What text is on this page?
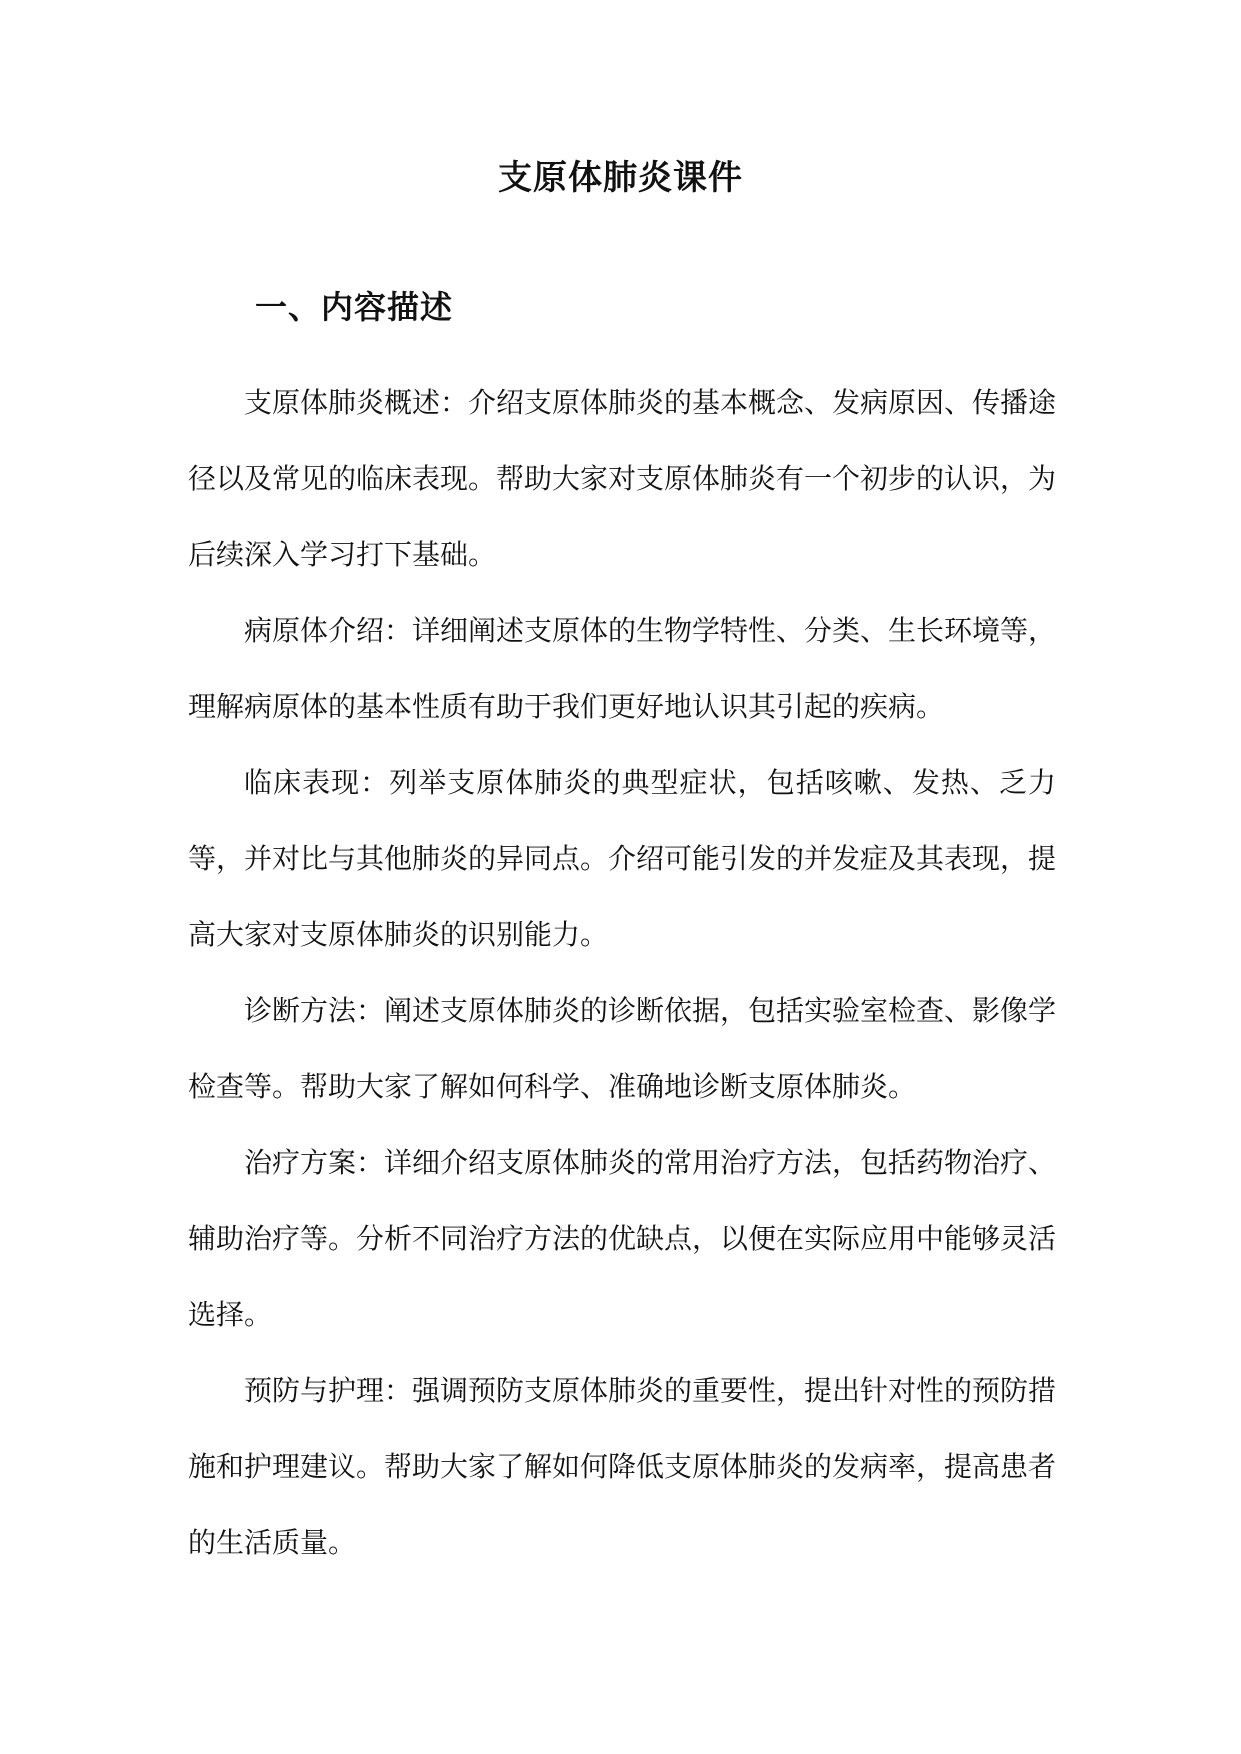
支原体肺炎课件
一、内容描述

支原体肺炎概述：介绍支原体肺炎的基本概念、发病原因、传播途径以及常见的临床表现。帮助大家对支原体肺炎有一个初步的认识，为后续深入学习打下基础。

病原体介绍：详细阐述支原体的生物学特性、分类、生长环境等，理解病原体的基本性质有助于我们更好地认识其引起的疾病。

临床表现：列举支原体肺炎的典型症状，包括咳嗽、发热、乏力等，并对比与其他肺炎的异同点。介绍可能引发的并发症及其表现，提高大家对支原体肺炎的识别能力。

诊断方法：阐述支原体肺炎的诊断依据，包括实验室检查、影像学检查等。帮助大家了解如何科学、准确地诊断支原体肺炎。

治疗方案：详细介绍支原体肺炎的常用治疗方法，包括药物治疗、辅助治疗等。分析不同治疗方法的优缺点，以便在实际应用中能够灵活选择。

预防与护理：强调预防支原体肺炎的重要性，提出针对性的预防措施和护理建议。帮助大家了解如何降低支原体肺炎的发病率，提高患者的生活质量。
